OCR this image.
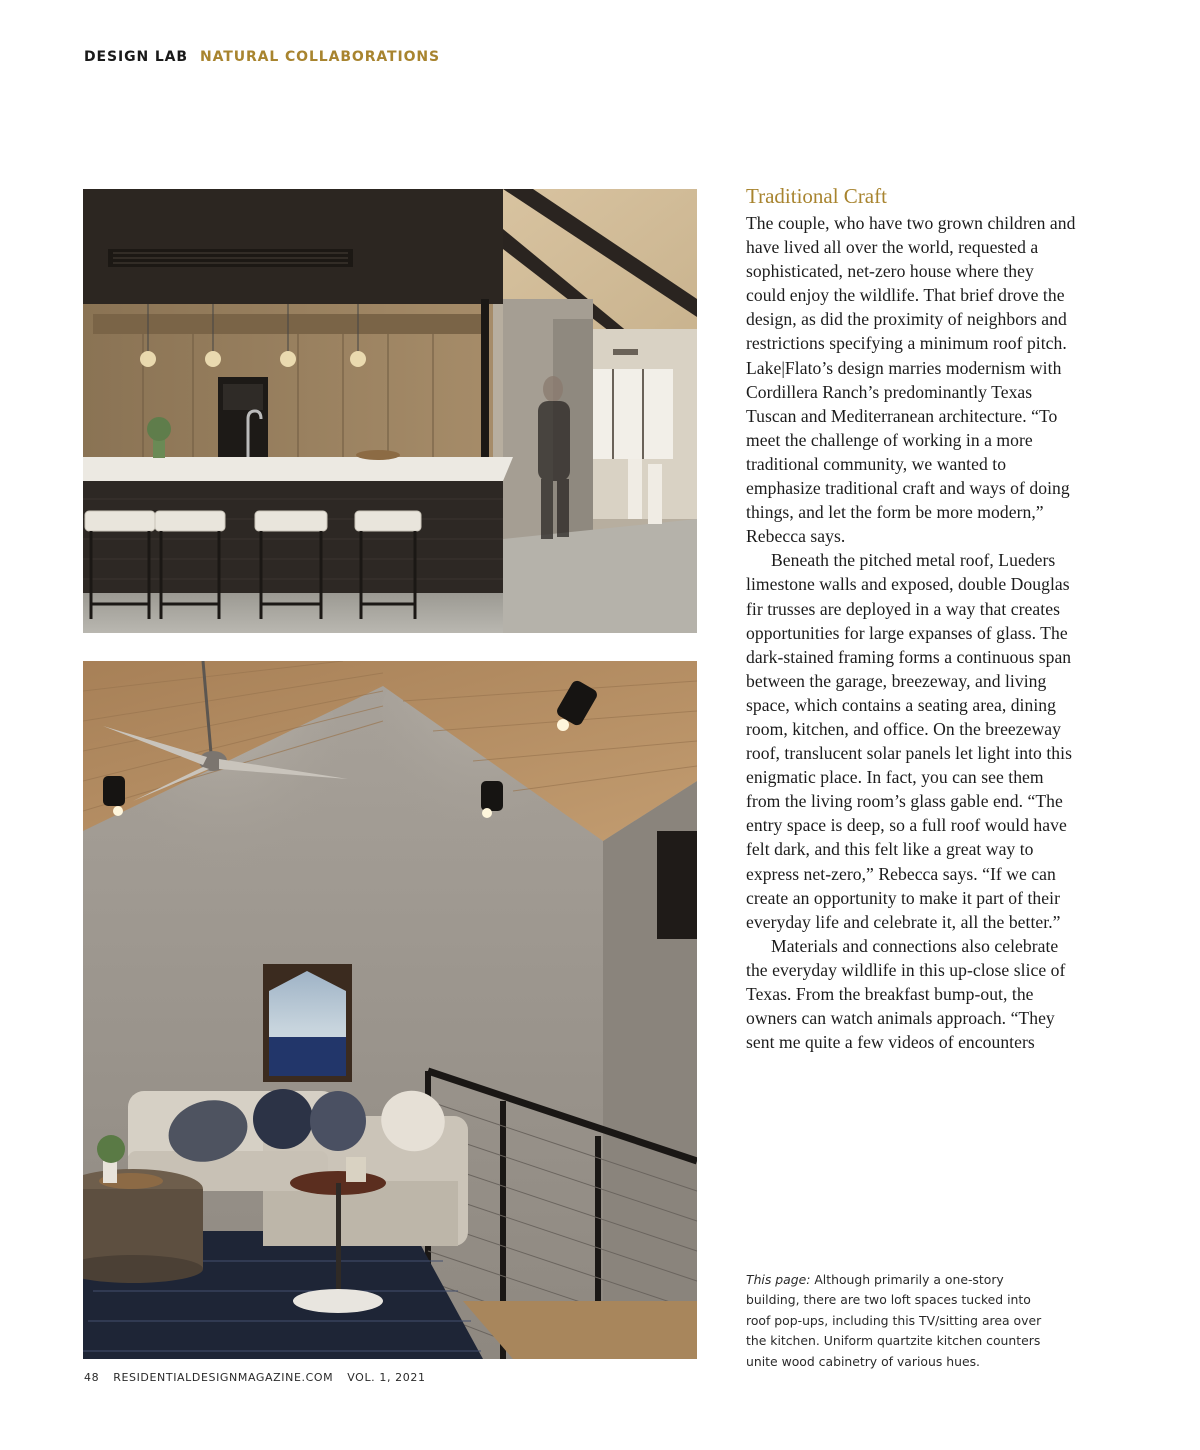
DESIGN LAB NATURAL COLLABORATIONS
Traditional Craft

The couple, who have two grown children and have lived all over the world, requested a sophisticated, net-zero house where they could enjoy the wildlife. That brief drove the design, as did the proximity of neighbors and restrictions specifying a minimum roof pitch. Lake|Flato’s design marries modernism with Cordillera Ranch’s predominantly Texas Tuscan and Mediterranean architecture. “To meet the challenge of working in a more traditional community, we wanted to emphasize traditional craft and ways of doing things, and let the form be more modern,” Rebecca says.

Beneath the pitched metal roof, Lueders limestone walls and exposed, double Douglas fir trusses are deployed in a way that creates opportunities for large expanses of glass. The dark-stained framing forms a continuous span between the garage, breezeway, and living space, which contains a seating area, dining room, kitchen, and office. On the breezeway roof, translucent solar panels let light into this enigmatic place. In fact, you can see them from the living room’s glass gable end. “The entry space is deep, so a full roof would have felt dark, and this felt like a great way to express net-zero,” Rebecca says. “If we can create an opportunity to make it part of their everyday life and celebrate it, all the better.”

Materials and connections also celebrate the everyday wildlife in this up-close slice of Texas. From the breakfast bump-out, the owners can watch animals approach. “They sent me quite a few videos of encounters

This page: Although primarily a one-story building, there are two loft spaces tucked into roof pop-ups, including this TV/sitting area over the kitchen. Uniform quartzite kitchen counters unite wood cabinetry of various hues.
48 RESIDENTIALDESIGNMAGAZINE.COM VOL. 1, 2021
